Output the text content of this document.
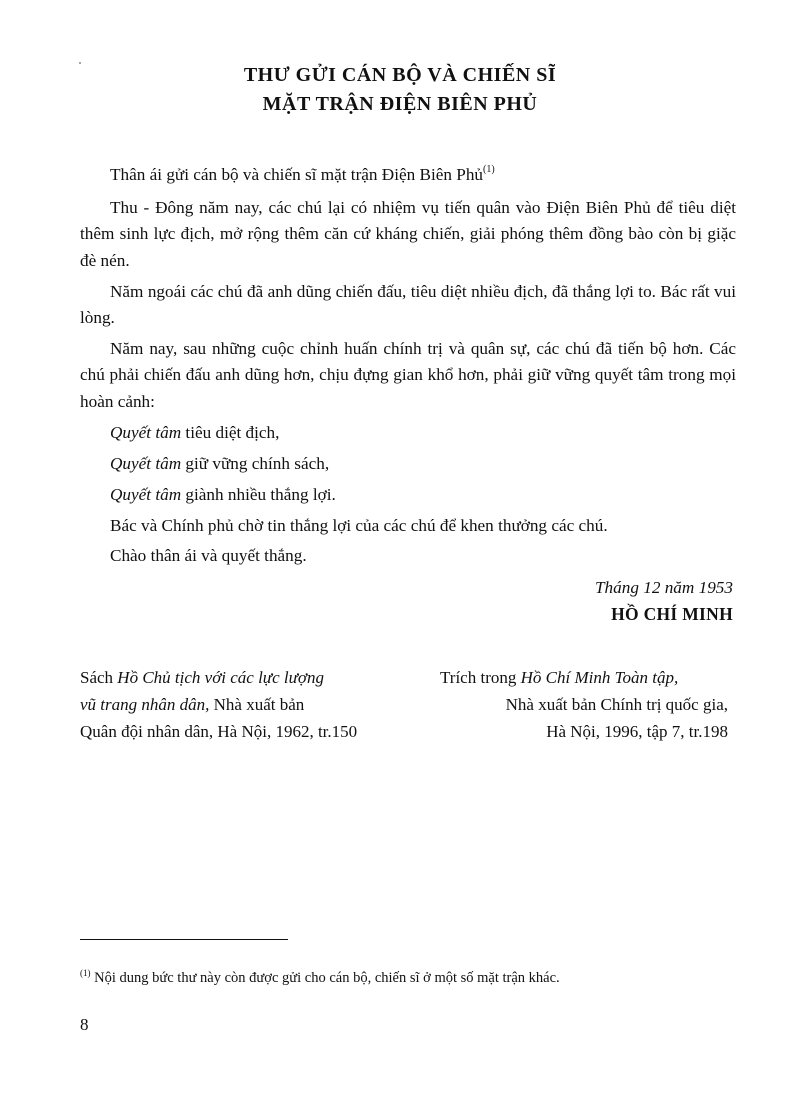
THƯ GỬI CÁN BỘ VÀ CHIẾN SĨ
MẶT TRẬN ĐIỆN BIÊN PHỦ

Thân ái gửi cán bộ và chiến sĩ mặt trận Điện Biên Phủ$^{(1)}$

Thu - Đông năm nay, các chú lại có nhiệm vụ tiến quân vào Điện Biên Phủ để tiêu diệt thêm sinh lực địch, mở rộng thêm căn cứ kháng chiến, giải phóng thêm đồng bào còn bị giặc đè nén.

Năm ngoái các chú đã anh dũng chiến đấu, tiêu diệt nhiều địch, đã thắng lợi to. Bác rất vui lòng.

Năm nay, sau những cuộc chỉnh huấn chính trị và quân sự, các chú đã tiến bộ hơn. Các chú phải chiến đấu anh dũng hơn, chịu đựng gian khổ hơn, phải giữ vững quyết tâm trong mọi hoàn cảnh:

Quyết tâm tiêu diệt địch,

Quyết tâm giữ vững chính sách,

Quyết tâm giành nhiều thắng lợi.

Bác và Chính phủ chờ tin thắng lợi của các chú để khen thưởng các chú.

Chào thân ái và quyết thắng.
Tháng 12 năm 1953
HỒ CHÍ MINH
Sách Hồ Chủ tịch với các lực lượng
vũ trang nhân dân, Nhà xuất bản
Quân đội nhân dân, Hà Nội, 1962, tr.150
Trích trong Hồ Chí Minh Toàn tập,
Nhà xuất bản Chính trị quốc gia,
Hà Nội, 1996, tập 7, tr.198
$^{(1)}$ Nội dung bức thư này còn được gửi cho cán bộ, chiến sĩ ở một số mặt trận khác.
8
